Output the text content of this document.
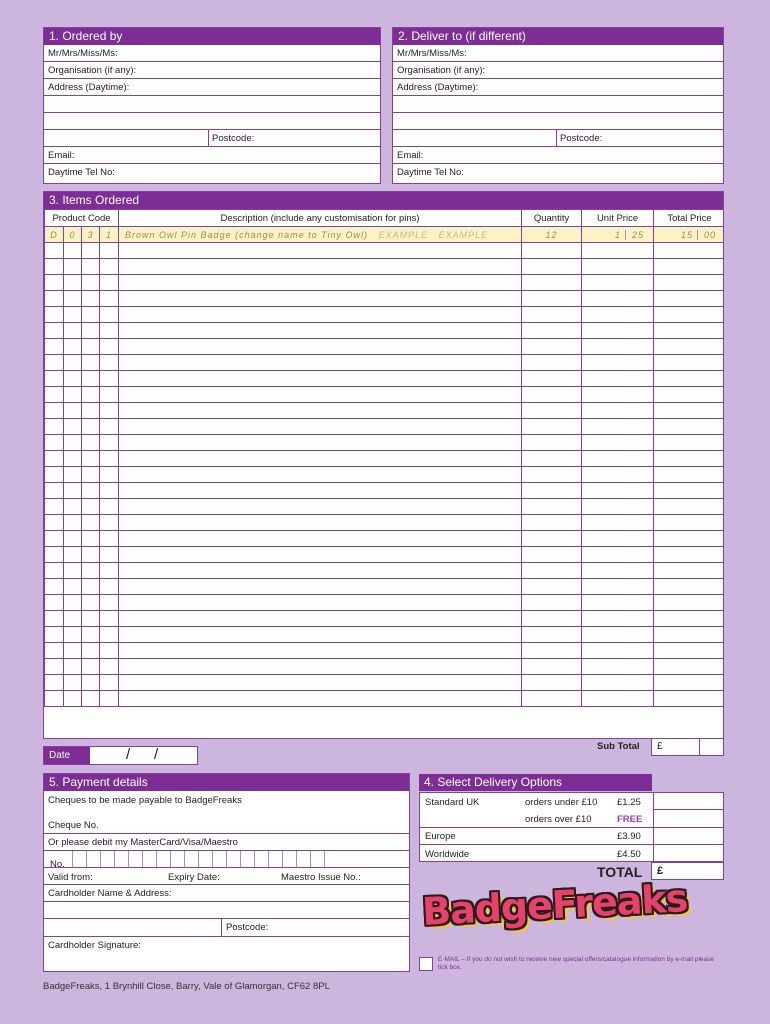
1. Ordered by
Mr/Mrs/Miss/Ms:
Organisation (if any):
Address (Daytime):
Postcode:
Email:
Daytime Tel No:
2. Deliver to (if different)
Mr/Mrs/Miss/Ms:
Organisation (if any):
Address (Daytime):
Postcode:
Email:
Daytime Tel No:
3. Items Ordered
Product Code				Description (include any customisation for pins)	Quantity	Unit Price	Total Price
D	0	3	1	Brown Owl Pin Badge (change name to Tiny Owl) EXAMPLE EXAMPLE	12	1 25	15 00

Date	/ /	Sub Total	£
5. Payment details
Cheques to be made payable to BadgeFreaks
Cheque No.
Or please debit my MasterCard/Visa/Maestro
No.
Valid from:	Expiry Date:	Maestro Issue No.:
Cardholder Name & Address:
Postcode:
Cardholder Signature:
4. Select Delivery Options
Standard UK	orders under £10 £1.25
orders over £10	FREE
Europe	£3.90
Worldwide	£4.50
TOTAL	£
BadgeFreaks
E-MAIL – If you do not wish to receive new special offers/catalogue information by e-mail please tick box.
BadgeFreaks, 1 Brynhill Close, Barry, Vale of Glamorgan, CF62 8PL
